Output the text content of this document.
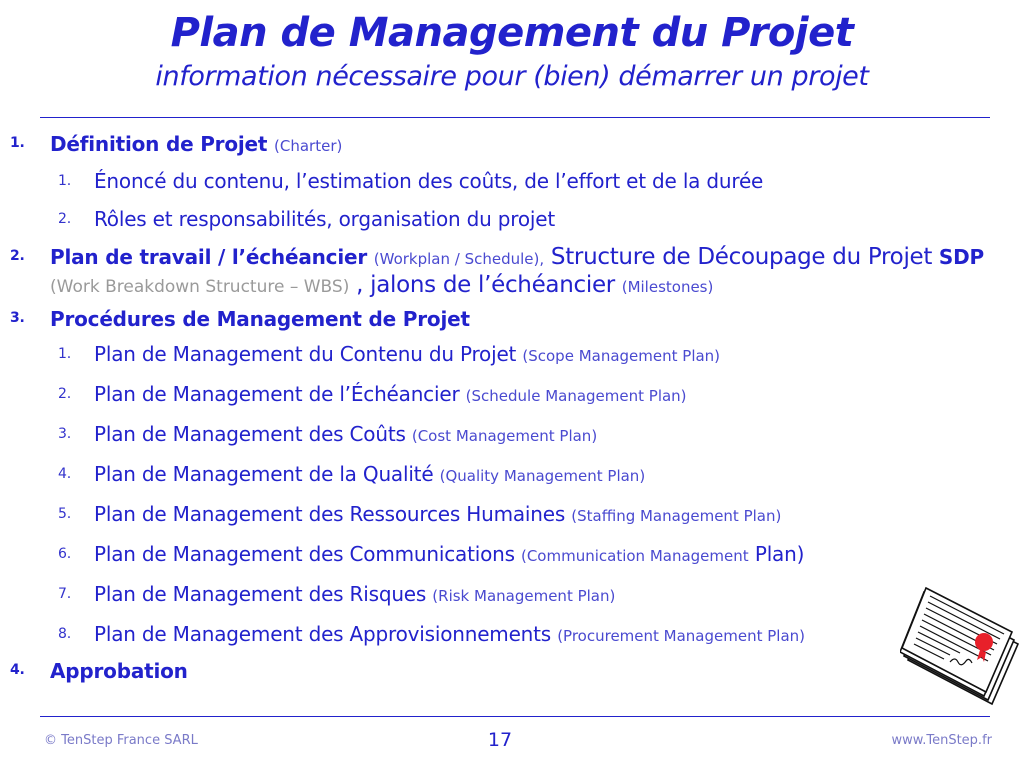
Plan de Management du Projet
information nécessaire pour (bien) démarrer un projet
1.	Définition de Projet (Charter)
1. Énoncé du contenu, l’estimation des coûts, de l’effort et de la durée
2. Rôles et responsabilités, organisation du projet
2.	Plan de travail / l’échéancier (Workplan / Schedule), Structure de Découpage du Projet SDP (Work Breakdown Structure – WBS) , jalons de l’échéancier (Milestones)
3.	Procédures de Management de Projet
1. Plan de Management du Contenu du Projet (Scope Management Plan)
2. Plan de Management de l’Échéancier (Schedule Management Plan)
3. Plan de Management des Coûts (Cost Management Plan)
4. Plan de Management de la Qualité (Quality Management Plan)
5. Plan de Management des Ressources Humaines (Staffing Management Plan)
6. Plan de Management des Communications (Communication Management Plan)
7. Plan de Management des Risques (Risk Management Plan)
8. Plan de Management des Approvisionnements (Procurement Management Plan)
4.	Approbation
© TenStep France SARL	17	www.TenStep.fr
